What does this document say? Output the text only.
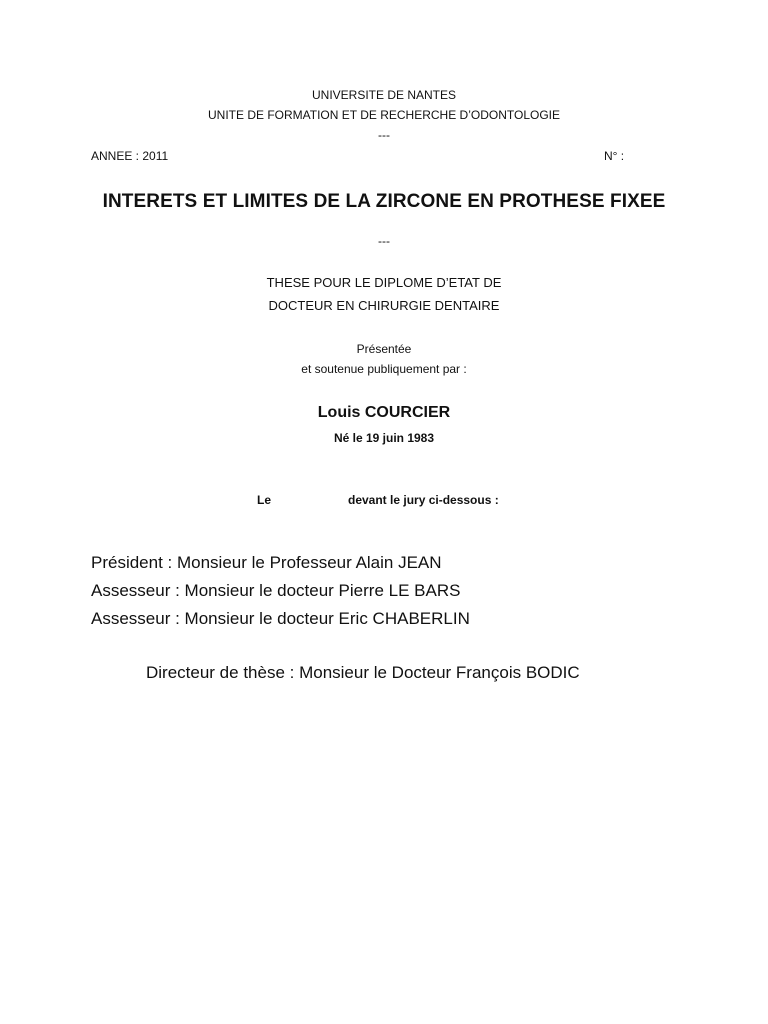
UNIVERSITE DE NANTES
UNITE DE FORMATION ET DE RECHERCHE D’ODONTOLOGIE
---
ANNEE : 2011	N° :
INTERETS ET LIMITES DE LA ZIRCONE EN PROTHESE FIXEE
---
THESE POUR LE DIPLOME D’ETAT DE
DOCTEUR EN CHIRURGIE DENTAIRE
Présentée
et soutenue publiquement par :
Louis COURCIER
Né le 19 juin 1983
Le	devant le jury ci-dessous :
Président : Monsieur le Professeur Alain JEAN
Assesseur : Monsieur le docteur Pierre LE BARS
Assesseur : Monsieur le docteur Eric CHABERLIN
Directeur de thèse : Monsieur le Docteur François BODIC
